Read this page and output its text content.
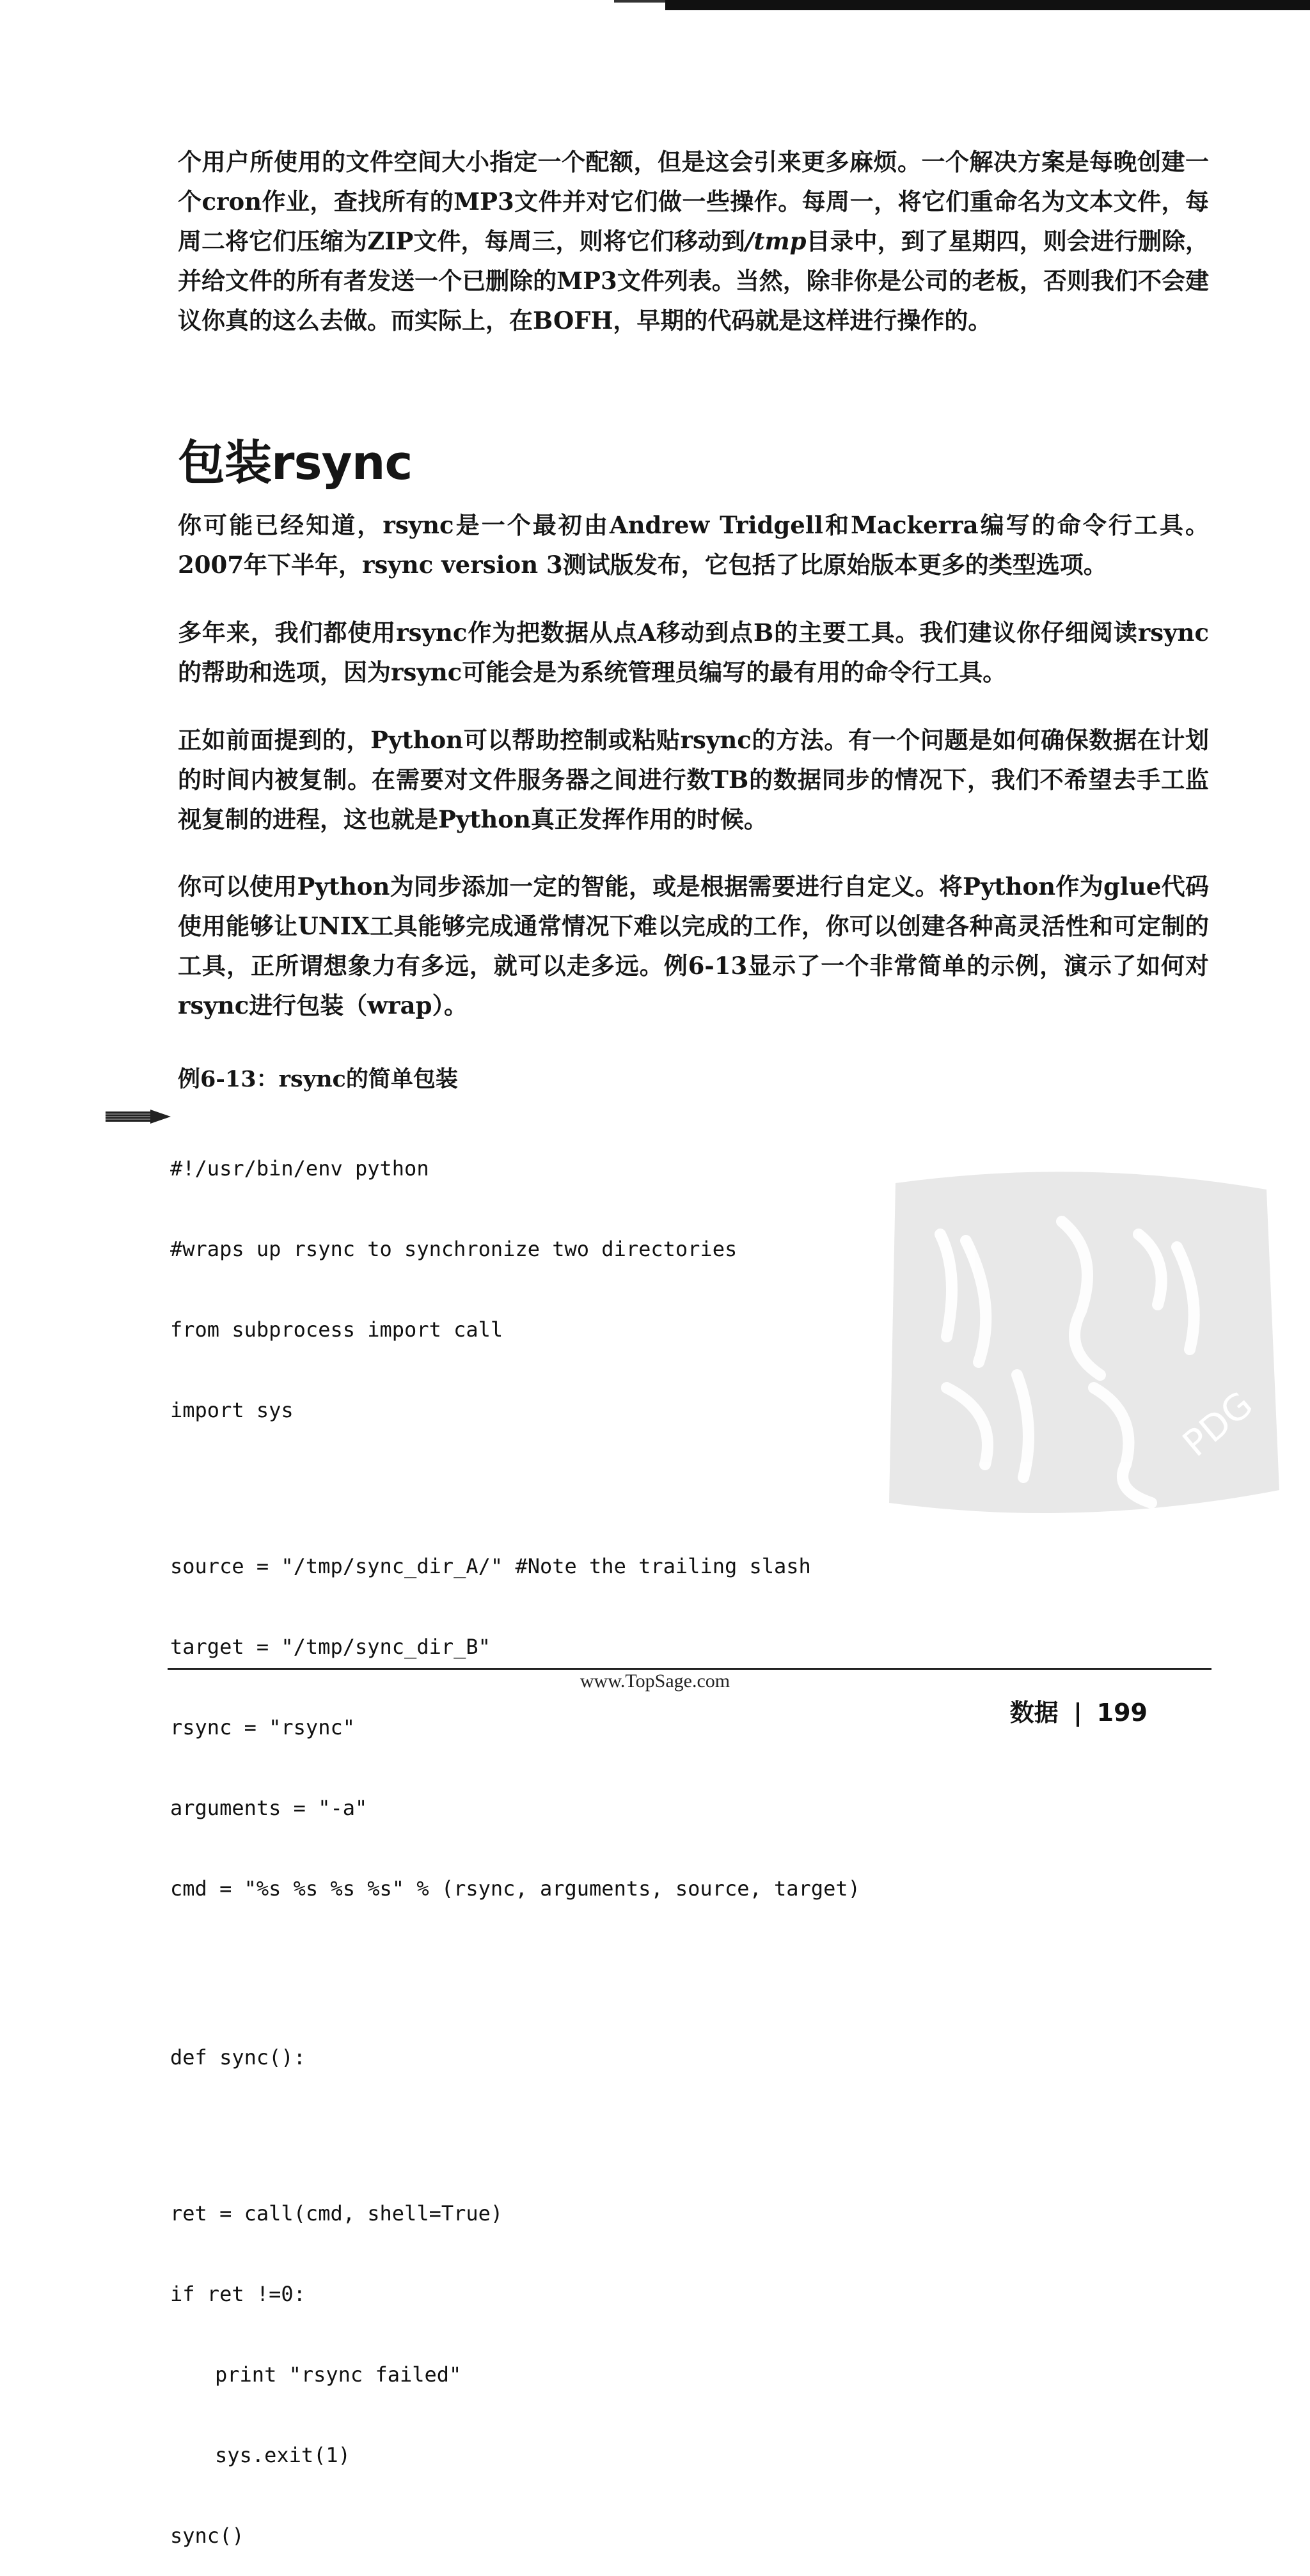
个用户所使用的文件空间大小指定一个配额，但是这会引来更多麻烦。一个解决方案是每晚创建一个cron作业，查找所有的MP3文件并对它们做一些操作。每周一，将它们重命名为文本文件，每周二将它们压缩为ZIP文件，每周三，则将它们移动到/tmp目录中，到了星期四，则会进行删除，并给文件的所有者发送一个已删除的MP3文件列表。当然，除非你是公司的老板，否则我们不会建议你真的这么去做。而实际上，在BOFH，早期的代码就是这样进行操作的。

包装rsync

你可能已经知道，rsync是一个最初由Andrew Tridgell和Mackerra编写的命令行工具。2007年下半年，rsync version 3测试版发布，它包括了比原始版本更多的类型选项。

多年来，我们都使用rsync作为把数据从点A移动到点B的主要工具。我们建议你仔细阅读rsync的帮助和选项，因为rsync可能会是为系统管理员编写的最有用的命令行工具。

正如前面提到的，Python可以帮助控制或粘贴rsync的方法。有一个问题是如何确保数据在计划的时间内被复制。在需要对文件服务器之间进行数TB的数据同步的情况下，我们不希望去手工监视复制的进程，这也就是Python真正发挥作用的时候。

你可以使用Python为同步添加一定的智能，或是根据需要进行自定义。将Python作为glue代码使用能够让UNIX工具能够完成通常情况下难以完成的工作，你可以创建各种高灵活性和可定制的工具，正所谓想象力有多远，就可以走多远。例6-13显示了一个非常简单的示例，演示了如何对rsync进行包装（wrap）。

例6-13：rsync的简单包装

#!/usr/bin/env python

#wraps up rsync to synchronize two directories

from subprocess import call

import sys

source = "/tmp/sync_dir_A/" #Note the trailing slash

target = "/tmp/sync_dir_B"

rsync = "rsync"

arguments = "-a"

cmd = "%s %s %s %s" % (rsync, arguments, source, target)

def sync():

ret = call(cmd, shell=True)

if ret !=0:

print "rsync failed"

sys.exit(1)

sync()

PDG
www.TopSage.com
数据 199
